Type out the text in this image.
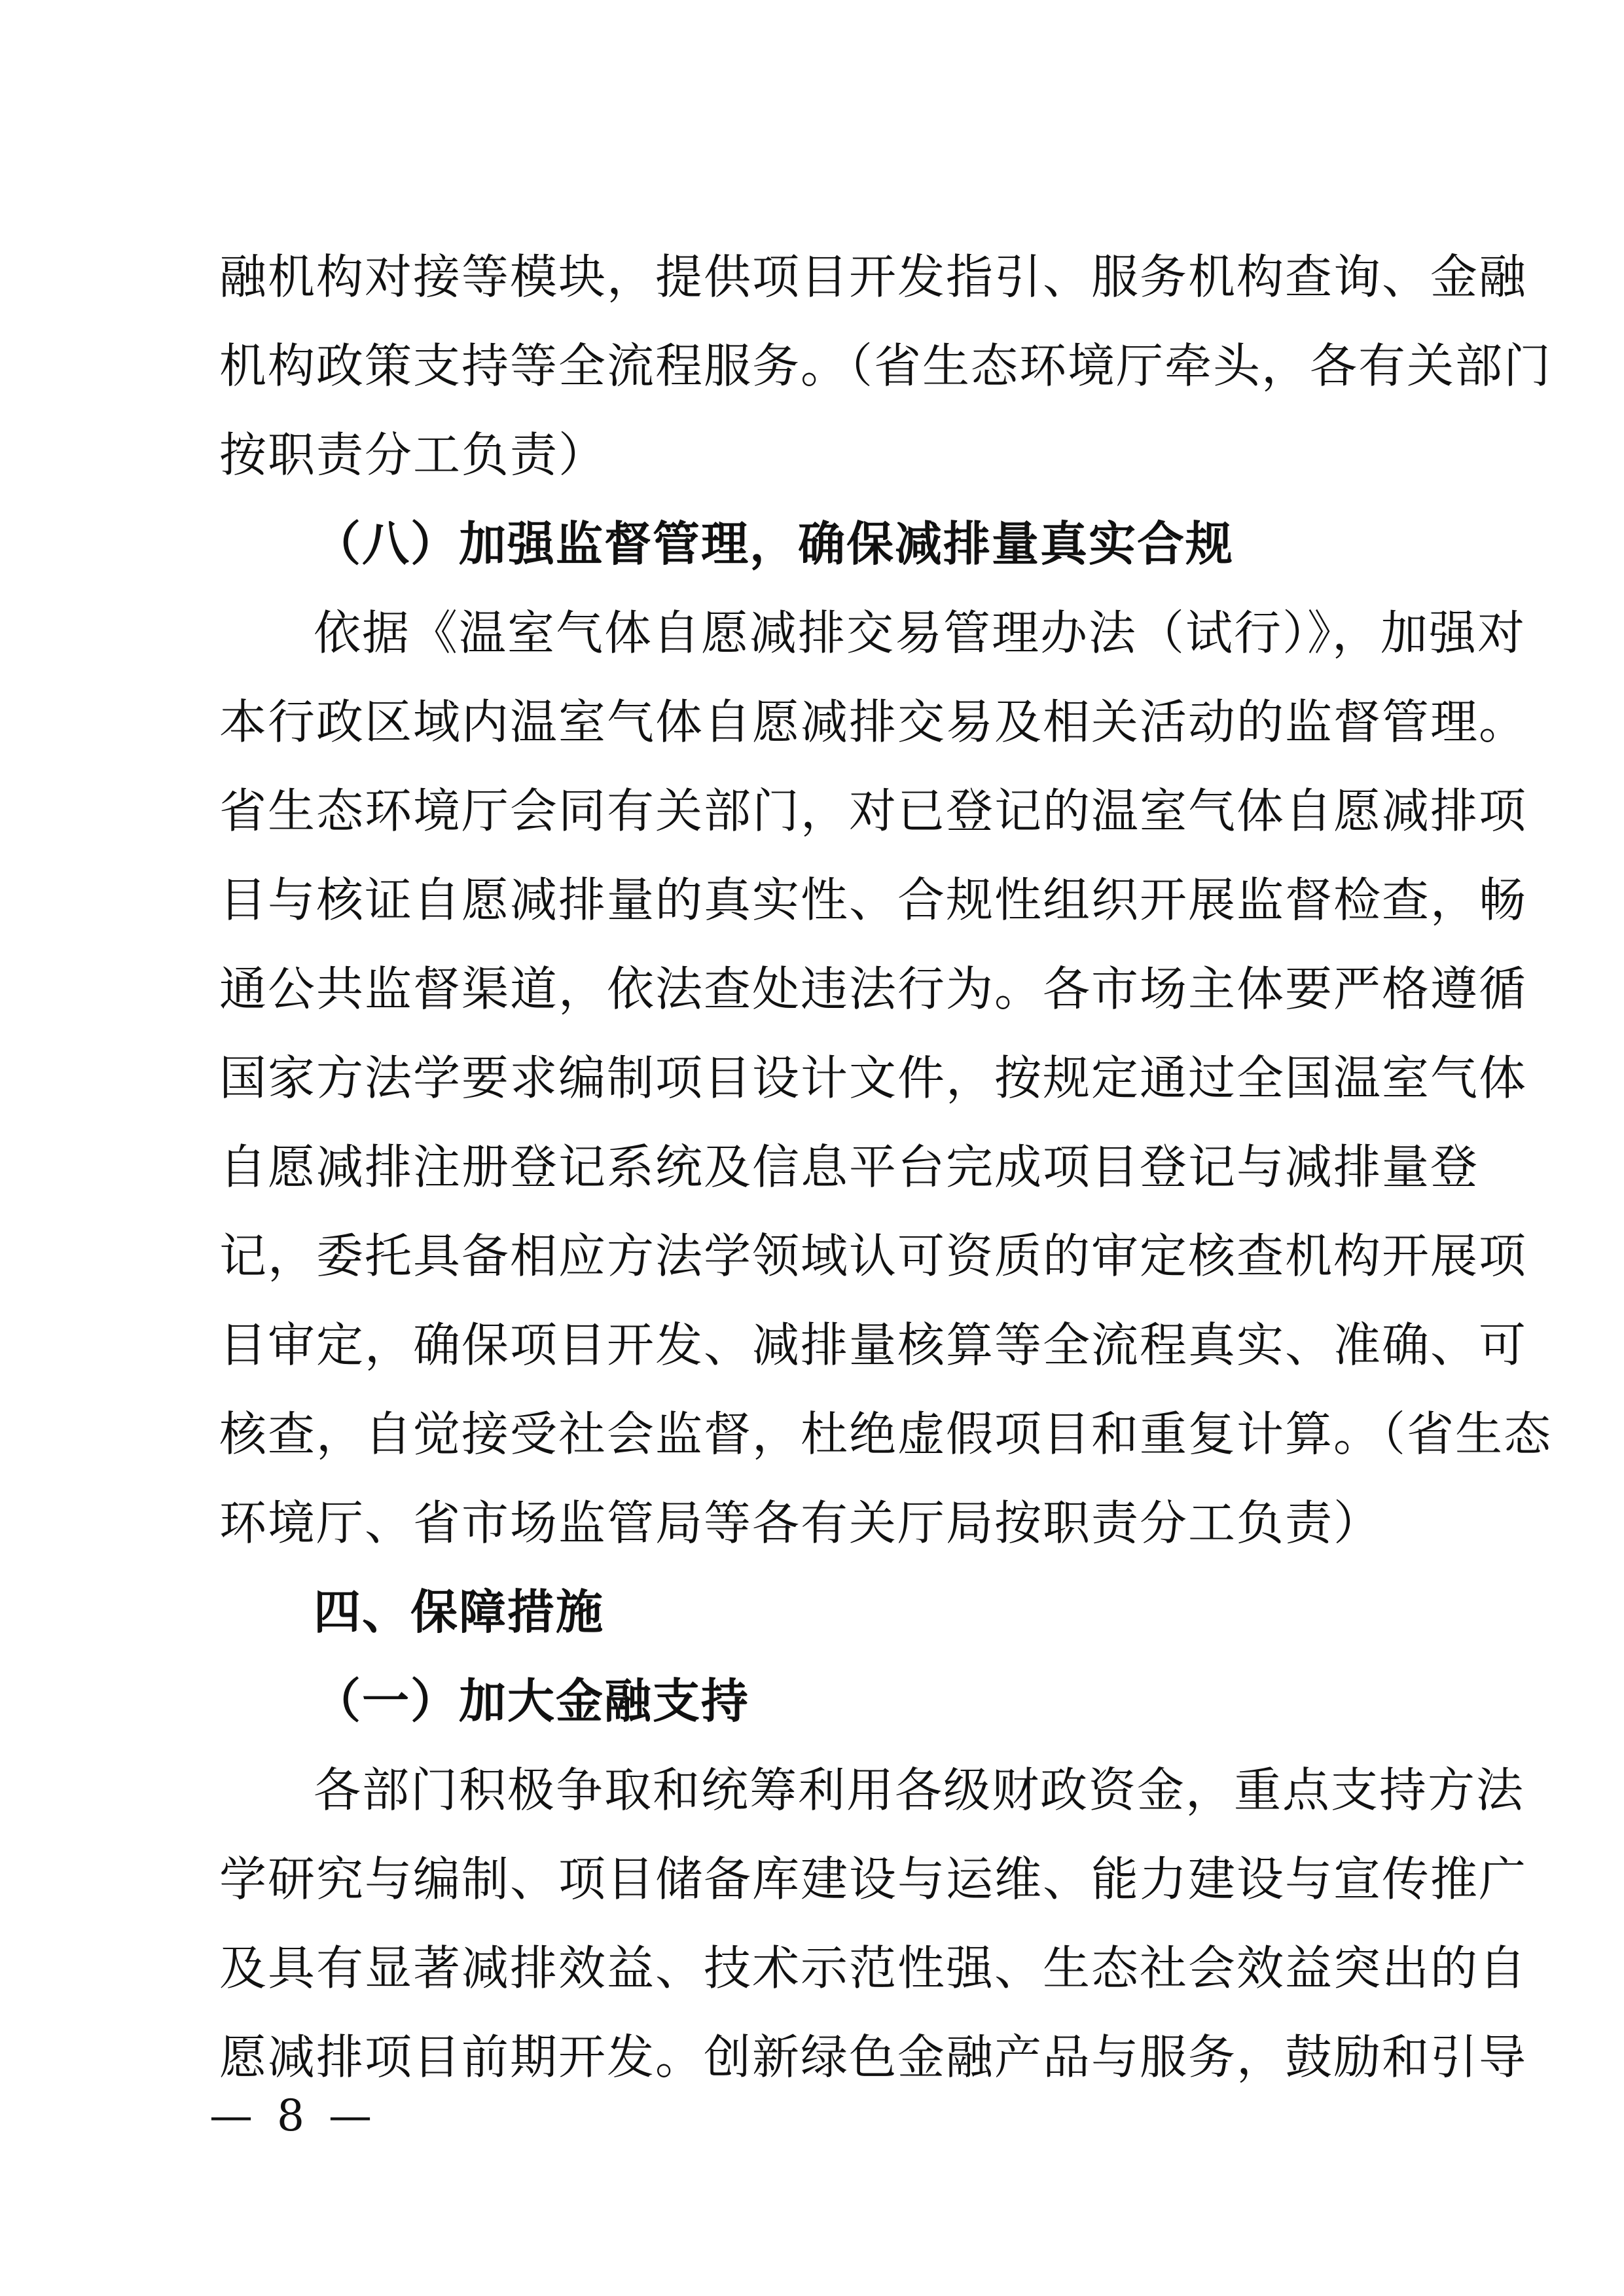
融机构对接等模块，提供项目开发指引、服务机构查询、金融
机构政策支持等全流程服务。（省生态环境厅牵头，各有关部门
按职责分工负责）
（八）加强监督管理，确保减排量真实合规
依据《温室气体自愿减排交易管理办法（试行）》，加强对
本行政区域内温室气体自愿减排交易及相关活动的监督管理。
省生态环境厅会同有关部门，对已登记的温室气体自愿减排项
目与核证自愿减排量的真实性、合规性组织开展监督检查，畅
通公共监督渠道，依法查处违法行为。各市场主体要严格遵循
国家方法学要求编制项目设计文件，按规定通过全国温室气体
自愿减排注册登记系统及信息平台完成项目登记与减排量登
记，委托具备相应方法学领域认可资质的审定核查机构开展项
目审定，确保项目开发、减排量核算等全流程真实、准确、可
核查，自觉接受社会监督，杜绝虚假项目和重复计算。（省生态
环境厅、省市场监管局等各有关厅局按职责分工负责）
四、保障措施
（一）加大金融支持
各部门积极争取和统筹利用各级财政资金，重点支持方法
学研究与编制、项目储备库建设与运维、能力建设与宣传推广
及具有显著减排效益、技术示范性强、生态社会效益突出的自
愿减排项目前期开发。创新绿色金融产品与服务，鼓励和引导
— 8 —
